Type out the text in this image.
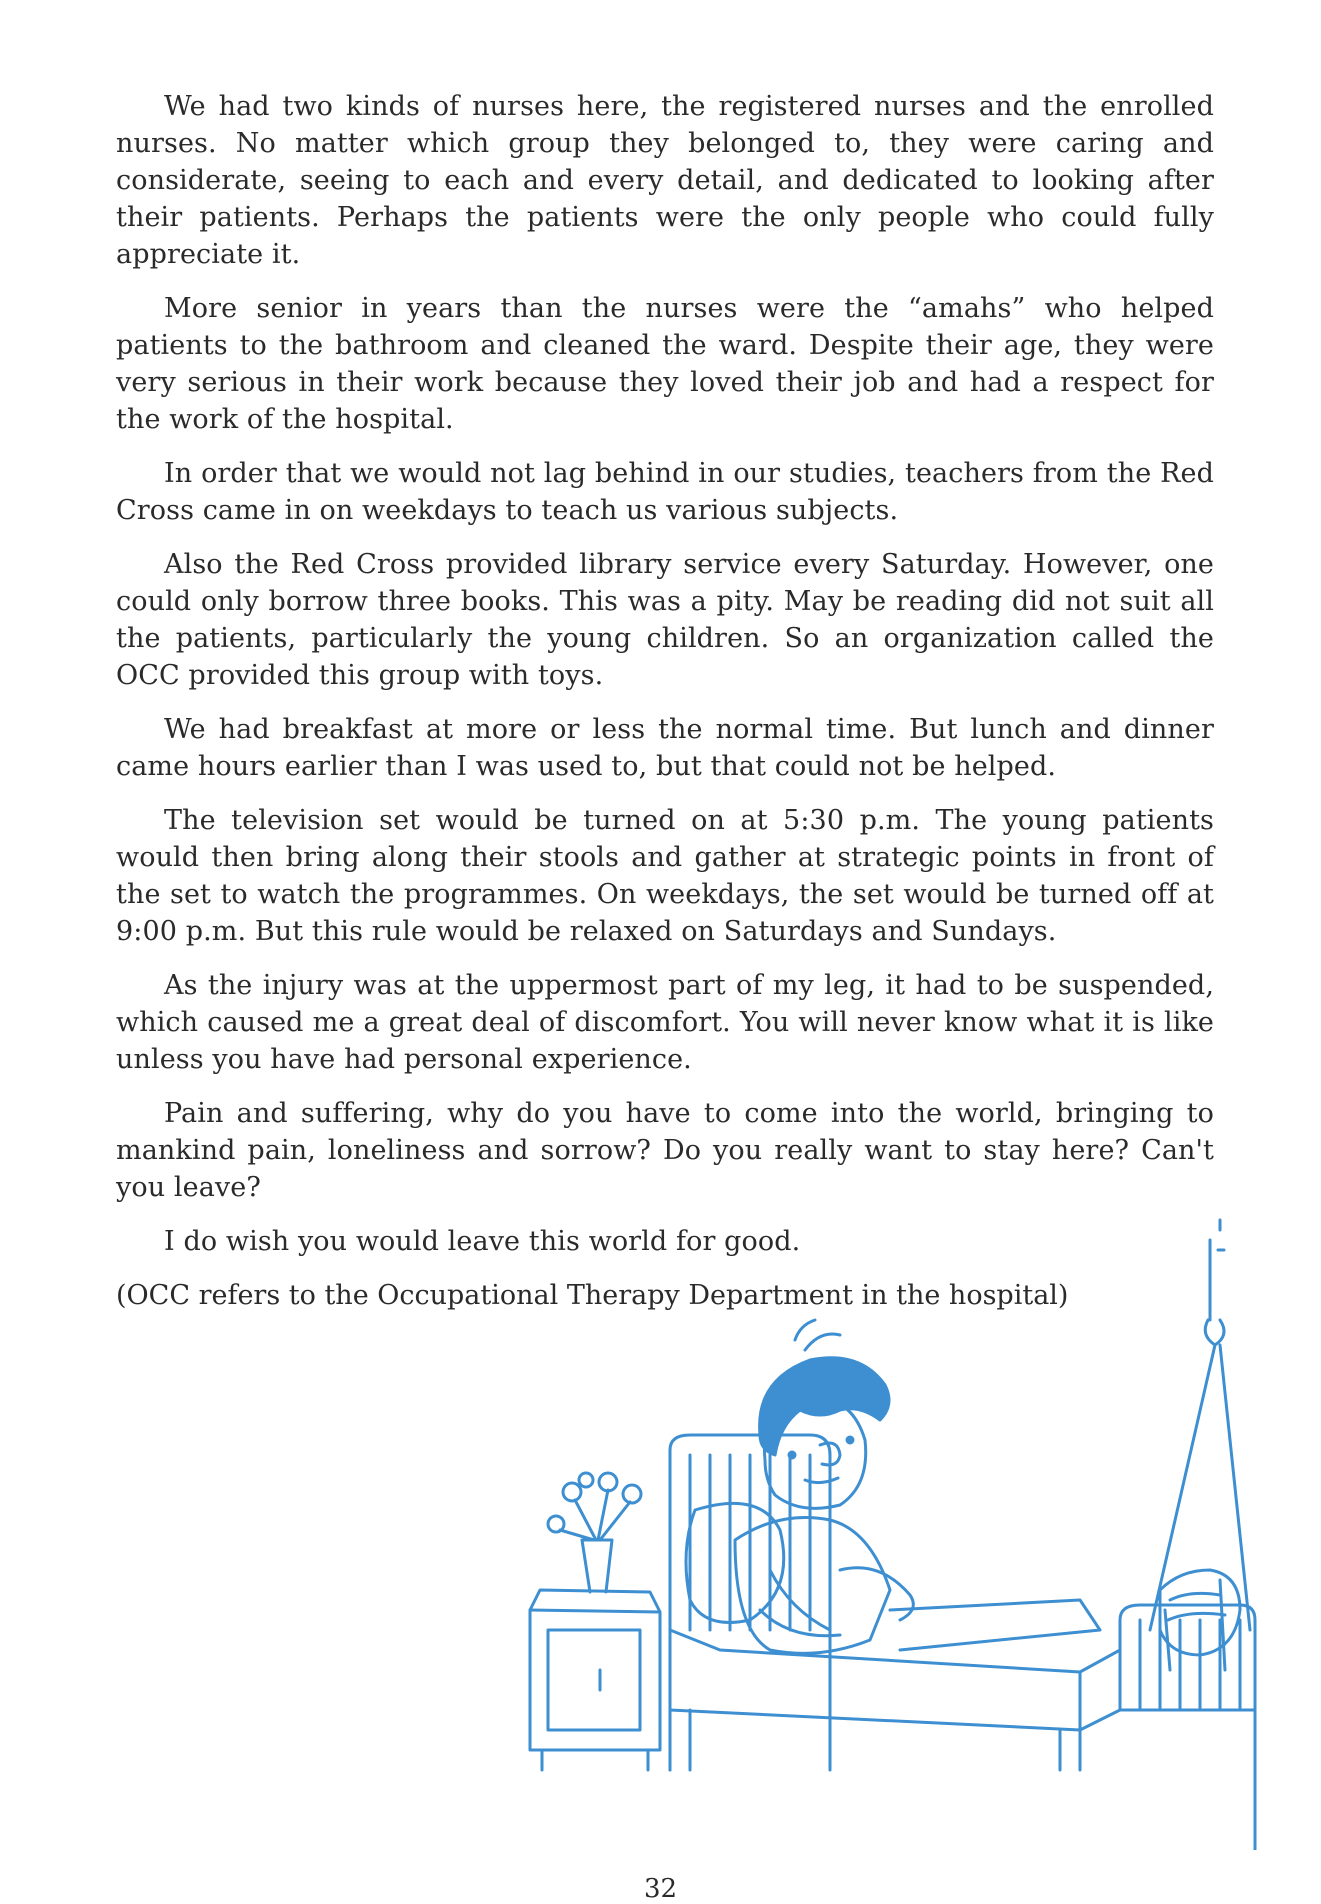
We had two kinds of nurses here, the registered nurses and the enrolled nurses. No matter which group they belonged to, they were caring and considerate, seeing to each and every detail, and dedicated to looking after their patients. Perhaps the patients were the only people who could fully appreciate it.

More senior in years than the nurses were the “amahs” who helped patients to the bathroom and cleaned the ward. Despite their age, they were very serious in their work because they loved their job and had a respect for the work of the hospital.

In order that we would not lag behind in our studies, teachers from the Red Cross came in on weekdays to teach us various subjects.

Also the Red Cross provided library service every Saturday. However, one could only borrow three books. This was a pity. May be reading did not suit all the patients, particularly the young children. So an organization called the OCC provided this group with toys.

We had breakfast at more or less the normal time. But lunch and dinner came hours earlier than I was used to, but that could not be helped.

The television set would be turned on at 5:30 p.m. The young patients would then bring along their stools and gather at strategic points in front of the set to watch the programmes. On weekdays, the set would be turned off at 9:00 p.m. But this rule would be relaxed on Saturdays and Sundays.

As the injury was at the uppermost part of my leg, it had to be suspended, which caused me a great deal of discomfort. You will never know what it is like unless you have had personal experience.

Pain and suffering, why do you have to come into the world, bringing to mankind pain, loneliness and sorrow? Do you really want to stay here? Can't you leave?

I do wish you would leave this world for good.

(OCC refers to the Occupational Therapy Department in the hospital)

32
